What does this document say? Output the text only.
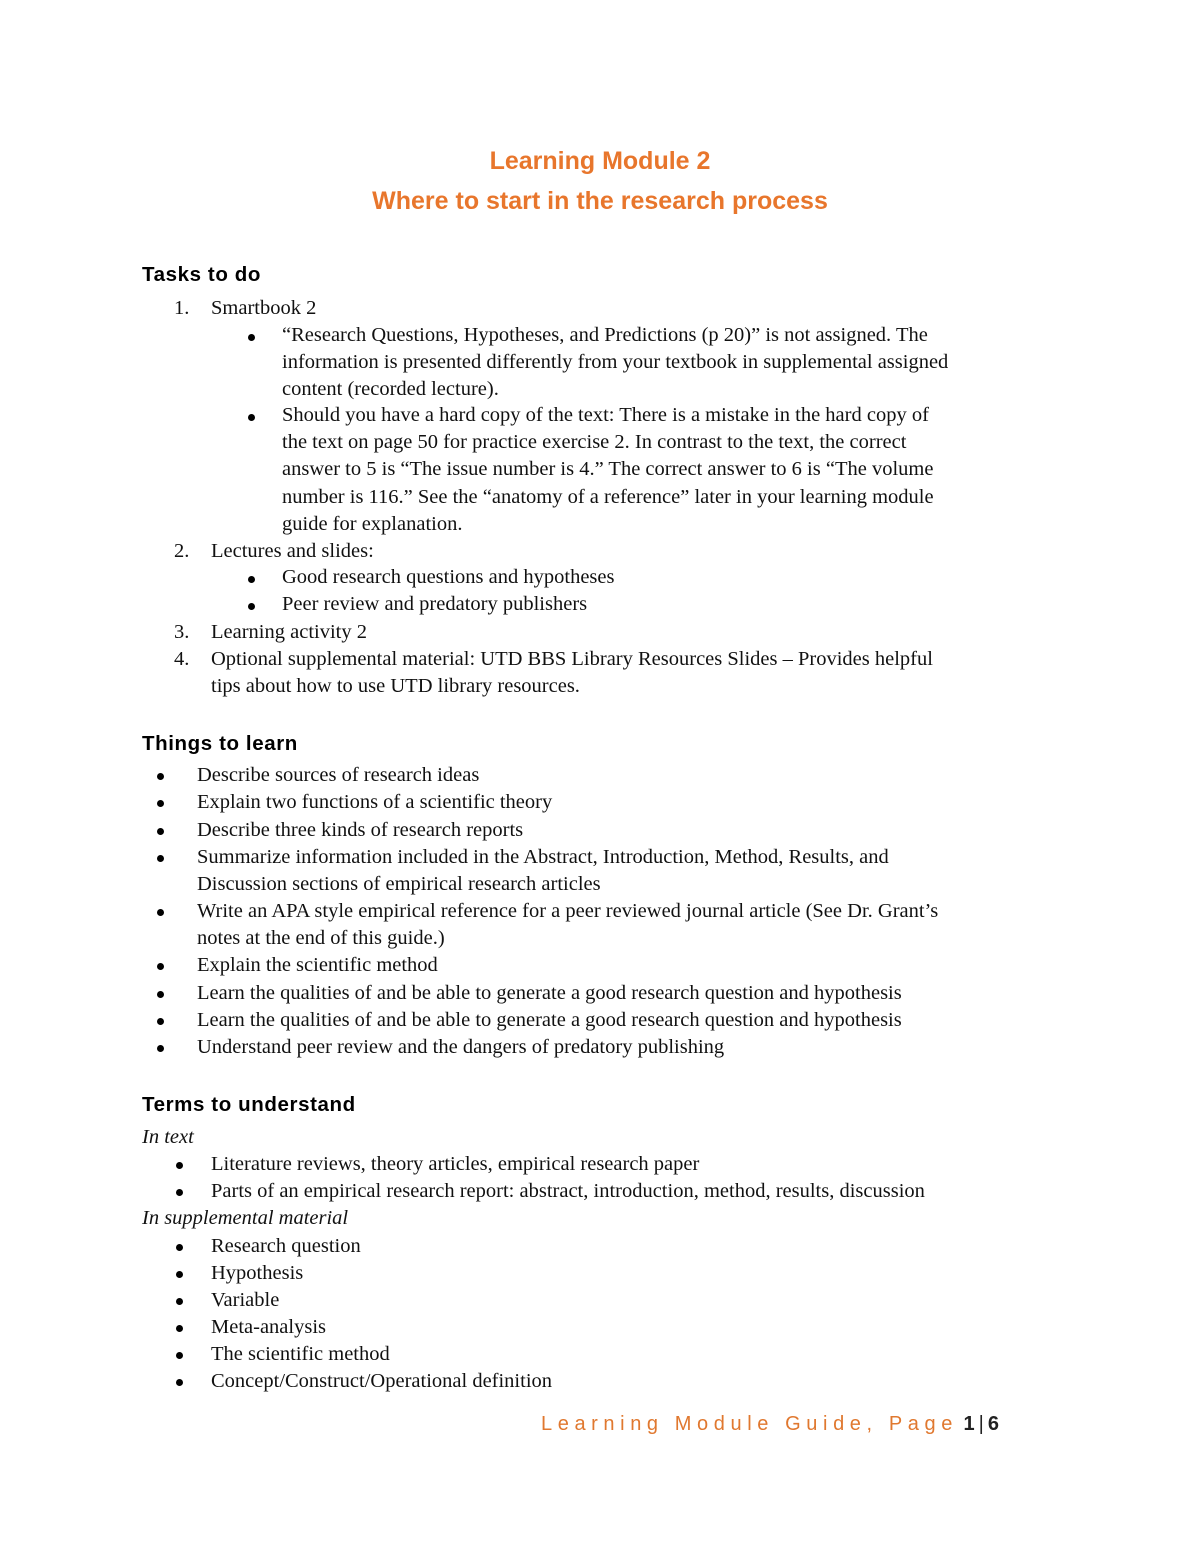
Learning Module 2
Where to start in the research process
Tasks to do
1. Smartbook 2
“Research Questions, Hypotheses, and Predictions (p 20)” is not assigned. The
information is presented differently from your textbook in supplemental assigned
content (recorded lecture).
Should you have a hard copy of the text: There is a mistake in the hard copy of
the text on page 50 for practice exercise 2. In contrast to the text, the correct
answer to 5 is “The issue number is 4.” The correct answer to 6 is “The volume
number is 116.” See the “anatomy of a reference” later in your learning module
guide for explanation.
2. Lectures and slides:
Good research questions and hypotheses
Peer review and predatory publishers
3. Learning activity 2
4. Optional supplemental material: UTD BBS Library Resources Slides – Provides helpful
tips about how to use UTD library resources.
Things to learn
Describe sources of research ideas
Explain two functions of a scientific theory
Describe three kinds of research reports
Summarize information included in the Abstract, Introduction, Method, Results, and
Discussion sections of empirical research articles
Write an APA style empirical reference for a peer reviewed journal article (See Dr. Grant’s
notes at the end of this guide.)
Explain the scientific method
Learn the qualities of and be able to generate a good research question and hypothesis
Learn the qualities of and be able to generate a good research question and hypothesis
Understand peer review and the dangers of predatory publishing
Terms to understand
In text
Literature reviews, theory articles, empirical research paper
Parts of an empirical research report: abstract, introduction, method, results, discussion
In supplemental material
Research question
Hypothesis
Variable
Meta-analysis
The scientific method
Concept/Construct/Operational definition
Learning Module Guide, Page 1 | 6
